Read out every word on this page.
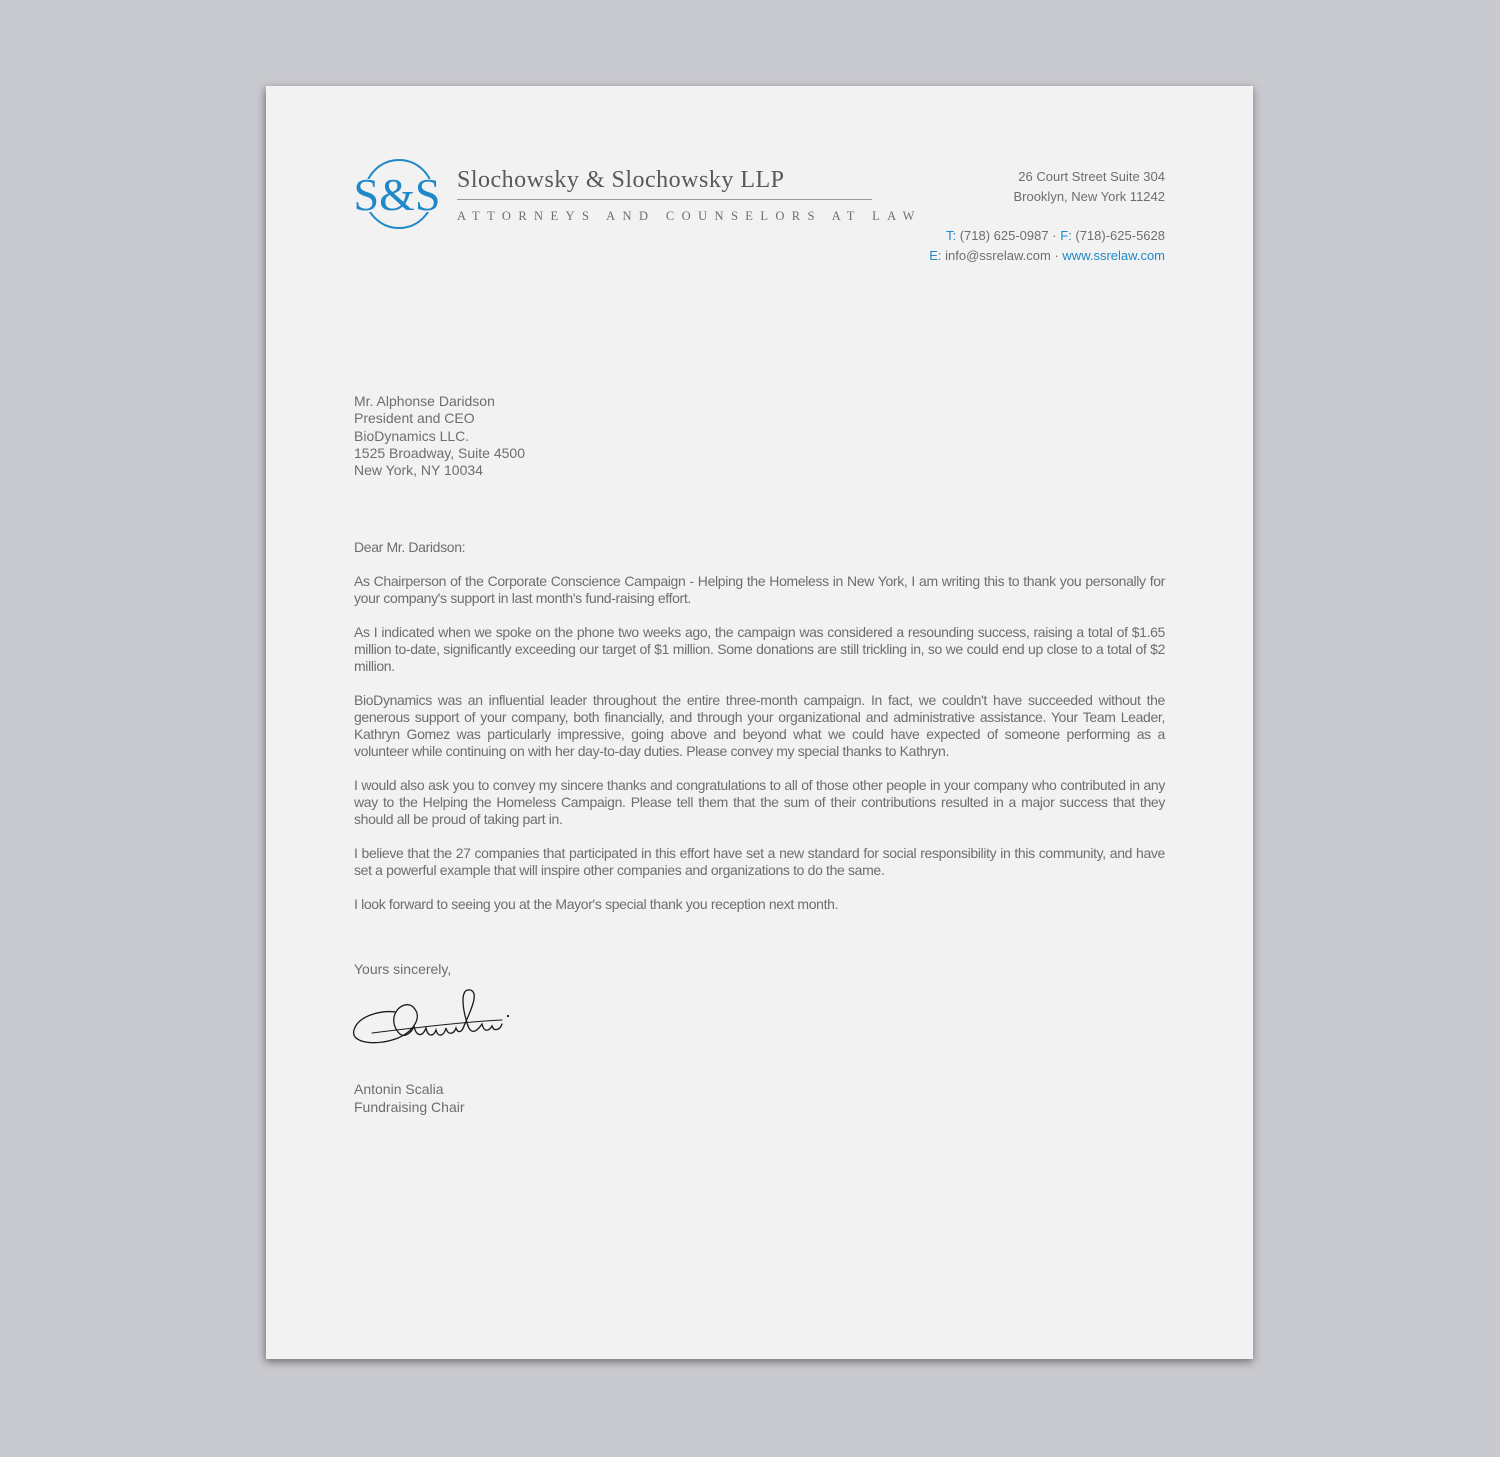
S&S Slochowsky & Slochowsky LLP
ATTORNEYS AND COUNSELORS AT LAW
26 Court Street Suite 304
Brooklyn, New York 11242
T: (718) 625-0987 · F: (718)-625-5628
E: info@ssrelaw.com · www.ssrelaw.com
Mr. Alphonse Daridson
President and CEO
BioDynamics LLC.
1525 Broadway, Suite 4500
New York, NY 10034

Dear Mr. Daridson:

As Chairperson of the Corporate Conscience Campaign - Helping the Homeless in New York, I am writing this to thank you personally for your company's support in last month's fund-raising effort.

As I indicated when we spoke on the phone two weeks ago, the campaign was considered a resounding success, raising a total of $1.65 million to-date, significantly exceeding our target of $1 million. Some donations are still trickling in, so we could end up close to a total of $2 million.

BioDynamics was an influential leader throughout the entire three-month campaign. In fact, we couldn't have succeeded without the generous support of your company, both financially, and through your organizational and administrative assistance. Your Team Leader, Kathryn Gomez was particularly impressive, going above and beyond what we could have expected of someone performing as a volunteer while continuing on with her day-to-day duties. Please convey my special thanks to Kathryn.

I would also ask you to convey my sincere thanks and congratulations to all of those other people in your company who contributed in any way to the Helping the Homeless Campaign. Please tell them that the sum of their contributions resulted in a major success that they should all be proud of taking part in.

I believe that the 27 companies that participated in this effort have set a new standard for social responsibility in this community, and have set a powerful example that will inspire other companies and organizations to do the same.

I look forward to seeing you at the Mayor's special thank you reception next month.

Yours sincerely,
Antonin Scalia
Fundraising Chair
